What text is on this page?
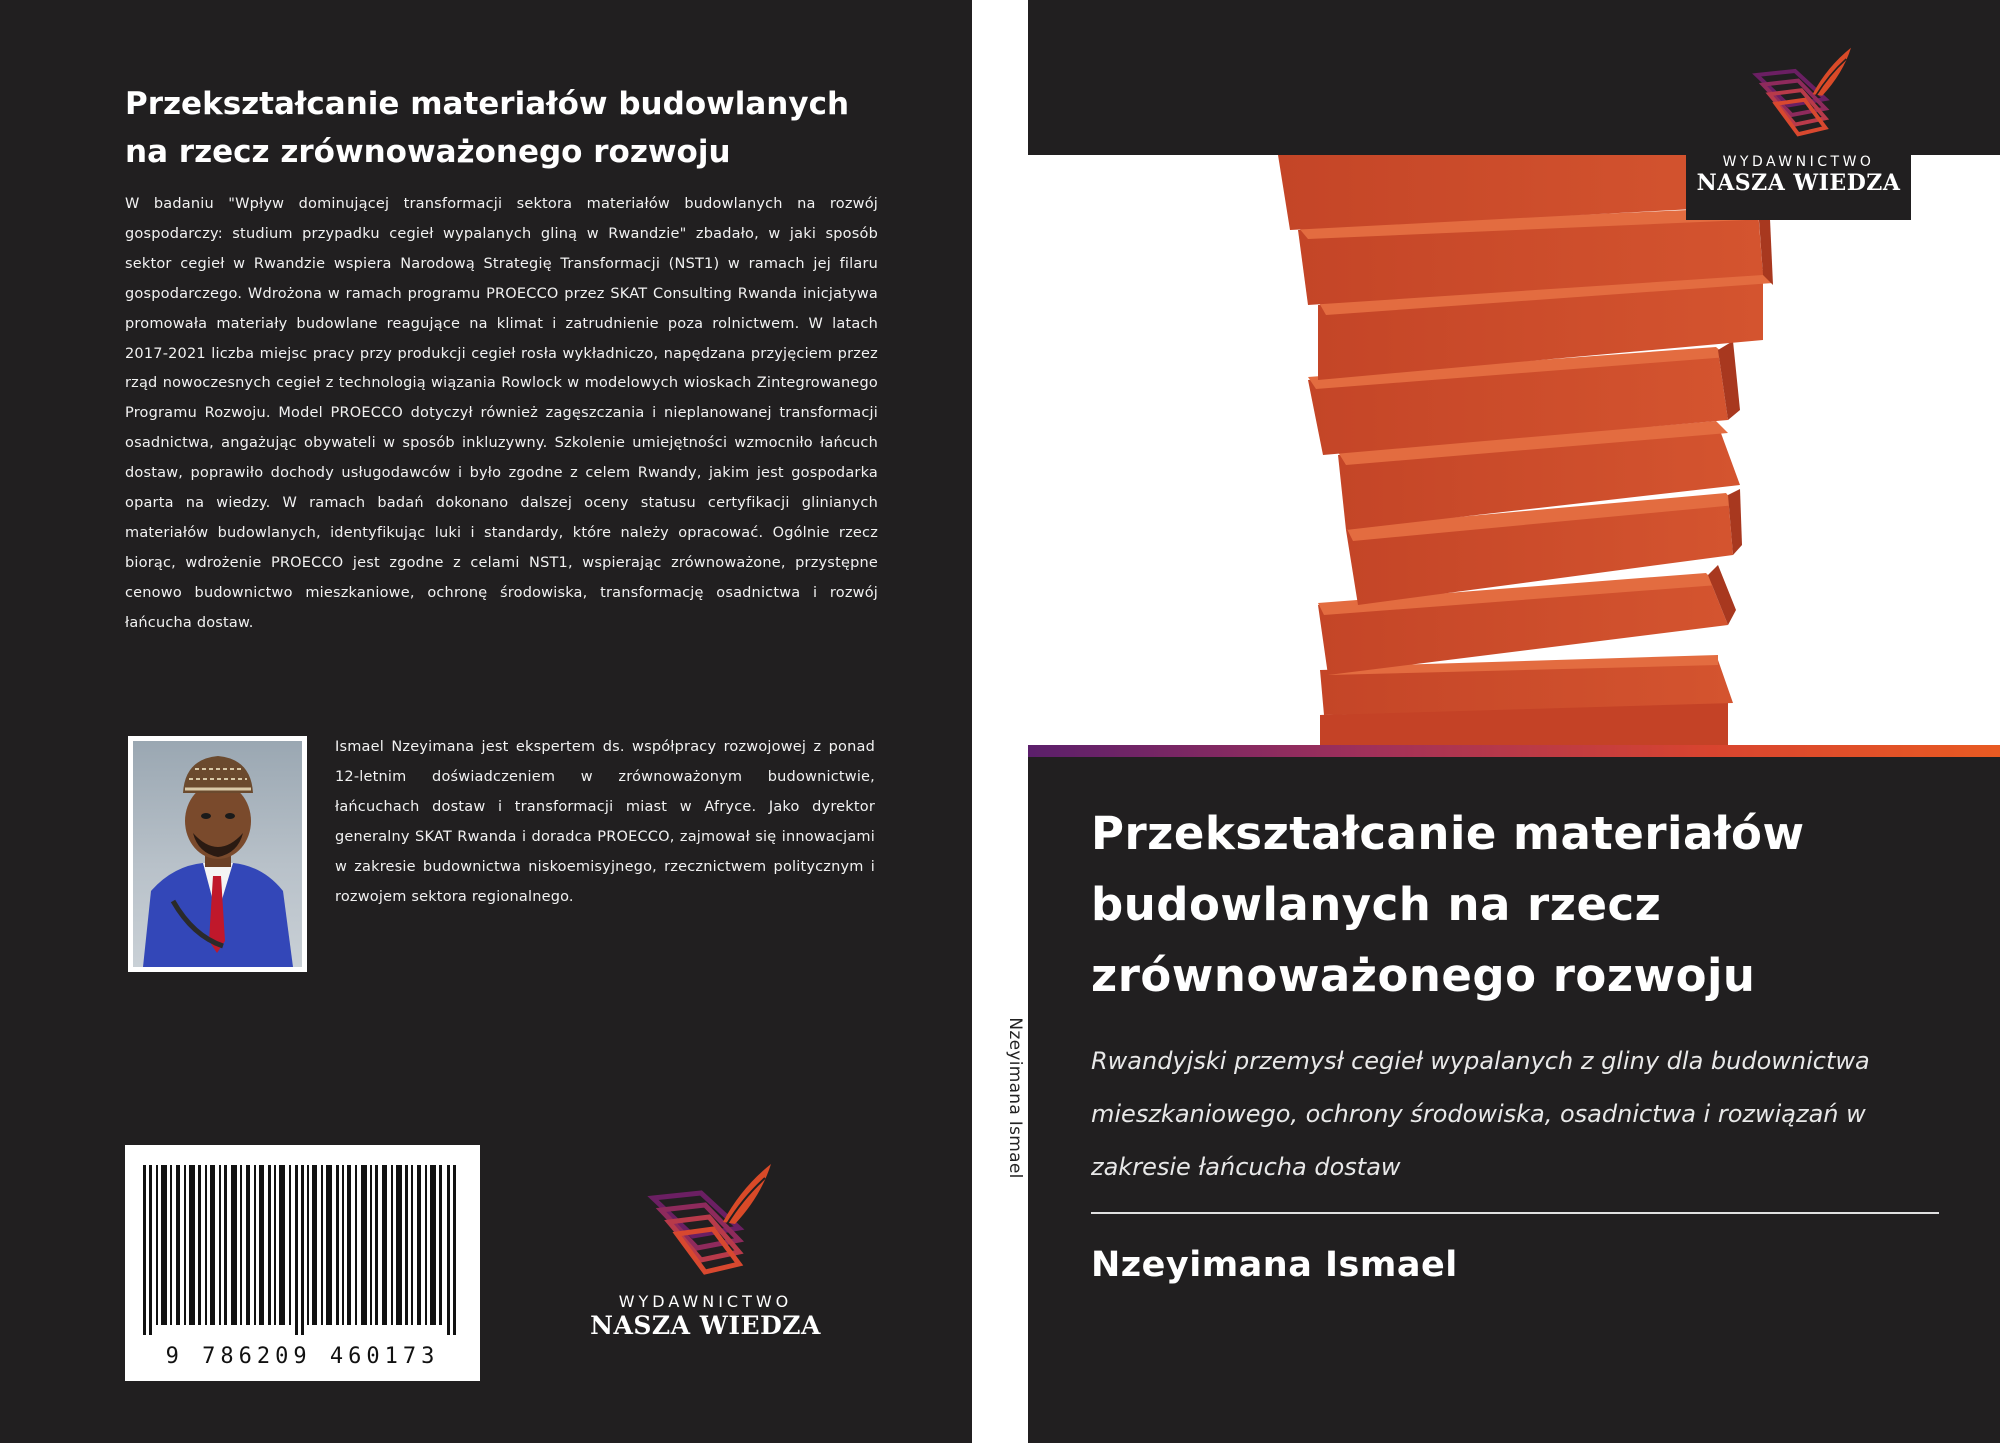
Przekształcanie materiałów budowlanych
na rzecz zrównoważonego rozwoju

W badaniu "Wpływ dominującej transformacji sektora materiałów budowlanych na rozwój gospodarczy: studium przypadku cegieł wypalanych gliną w Rwandzie" zbadało, w jaki sposób sektor cegieł w Rwandzie wspiera Narodową Strategię Transformacji (NST1) w ramach jej filaru gospodarczego. Wdrożona w ramach programu PROECCO przez SKAT Consulting Rwanda inicjatywa promowała materiały budowlane reagujące na klimat i zatrudnienie poza rolnictwem. W latach 2017-2021 liczba miejsc pracy przy produkcji cegieł rosła wykładniczo, napędzana przyjęciem przez rząd nowoczesnych cegieł z technologią wiązania Rowlock w modelowych wioskach Zintegrowanego Programu Rozwoju. Model PROECCO dotyczył również zagęszczania i nieplanowanej transformacji osadnictwa, angażując obywateli w sposób inkluzywny. Szkolenie umiejętności wzmocniło łańcuch dostaw, poprawiło dochody usługodawców i było zgodne z celem Rwandy, jakim jest gospodarka oparta na wiedzy. W ramach badań dokonano dalszej oceny statusu certyfikacji glinianych materiałów budowlanych, identyfikując luki i standardy, które należy opracować. Ogólnie rzecz biorąc, wdrożenie PROECCO jest zgodne z celami NST1, wspierając zrównoważone, przystępne cenowo budownictwo mieszkaniowe, ochronę środowiska, transformację osadnictwa i rozwój łańcucha dostaw.

Ismael Nzeyimana jest ekspertem ds. współpracy rozwojowej z ponad 12-letnim doświadczeniem w zrównoważonym budownictwie, łańcuchach dostaw i transformacji miast w Afryce. Jako dyrektor generalny SKAT Rwanda i doradca PROECCO, zajmował się innowacjami w zakresie budownictwa niskoemisyjnego, rzecznictwem politycznym i rozwojem sektora regionalnego.

9 786209 460173
WYDAWNICTWO
NASZA WIEDZA
Nzeyimana Ismael
WYDAWNICTWO
NASZA WIEDZA
Przekształcanie materiałów
budowlanych na rzecz
zrównoważonego rozwoju
Rwandyjski przemysł cegieł wypalanych z gliny dla budownictwa
mieszkaniowego, ochrony środowiska, osadnictwa i rozwiązań w
zakresie łańcucha dostaw
Nzeyimana Ismael
